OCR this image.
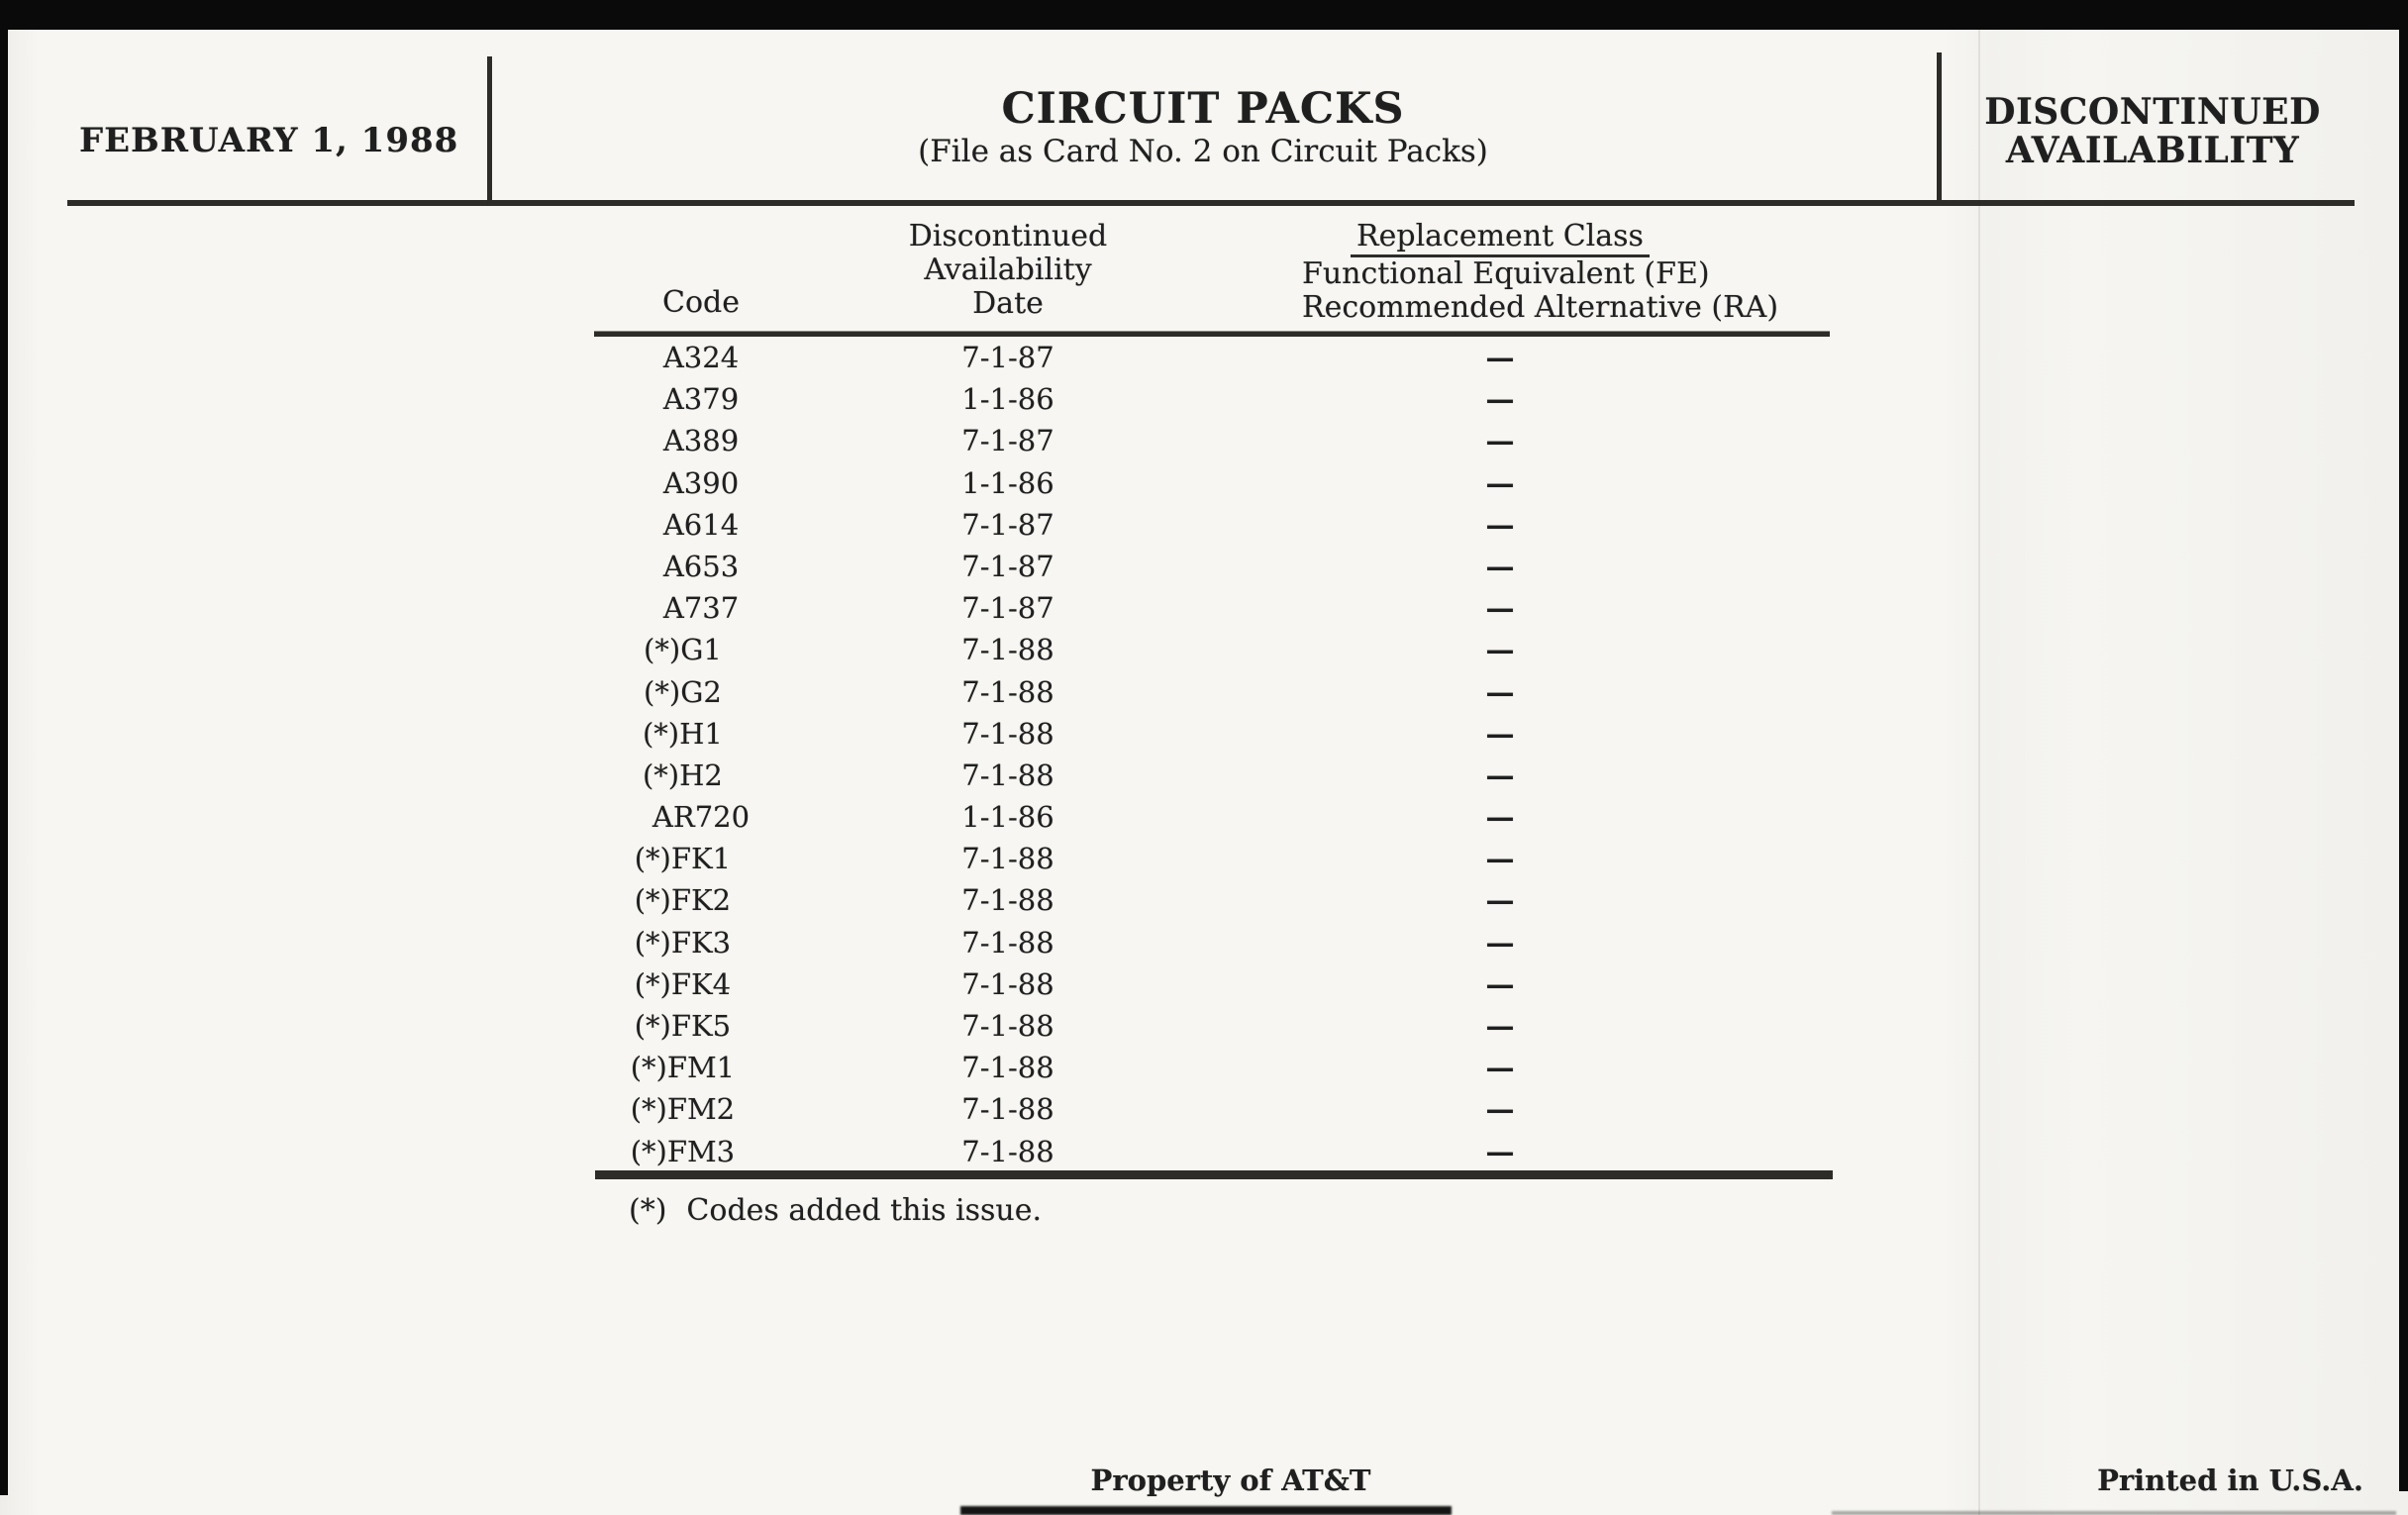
FEBRUARY 1, 1988
CIRCUIT PACKS
(File as Card No. 2 on Circuit Packs)
DISCONTINUED
AVAILABILITY
Code
Discontinued
Availability
Date
Replacement Class
Functional Equivalent (FE)
Recommended Alternative (RA)
A324	7-1-87	—
A379	1-1-86	—
A389	7-1-87	—
A390	1-1-86	—
A614	7-1-87	—
A653	7-1-87	—
A737	7-1-87	—
(*) G1	7-1-88	—
(*) G2	7-1-88	—
(*) H1	7-1-88	—
(*) H2	7-1-88	—
AR720	1-1-86	—
(*) FK1	7-1-88	—
(*) FK2	7-1-88	—
(*) FK3	7-1-88	—
(*) FK4	7-1-88	—
(*) FK5	7-1-88	—
(*) FM1	7-1-88	—
(*) FM2	7-1-88	—
(*) FM3	7-1-88	—
(*) Codes added this issue.
Property of AT&T	Printed in U.S.A.
